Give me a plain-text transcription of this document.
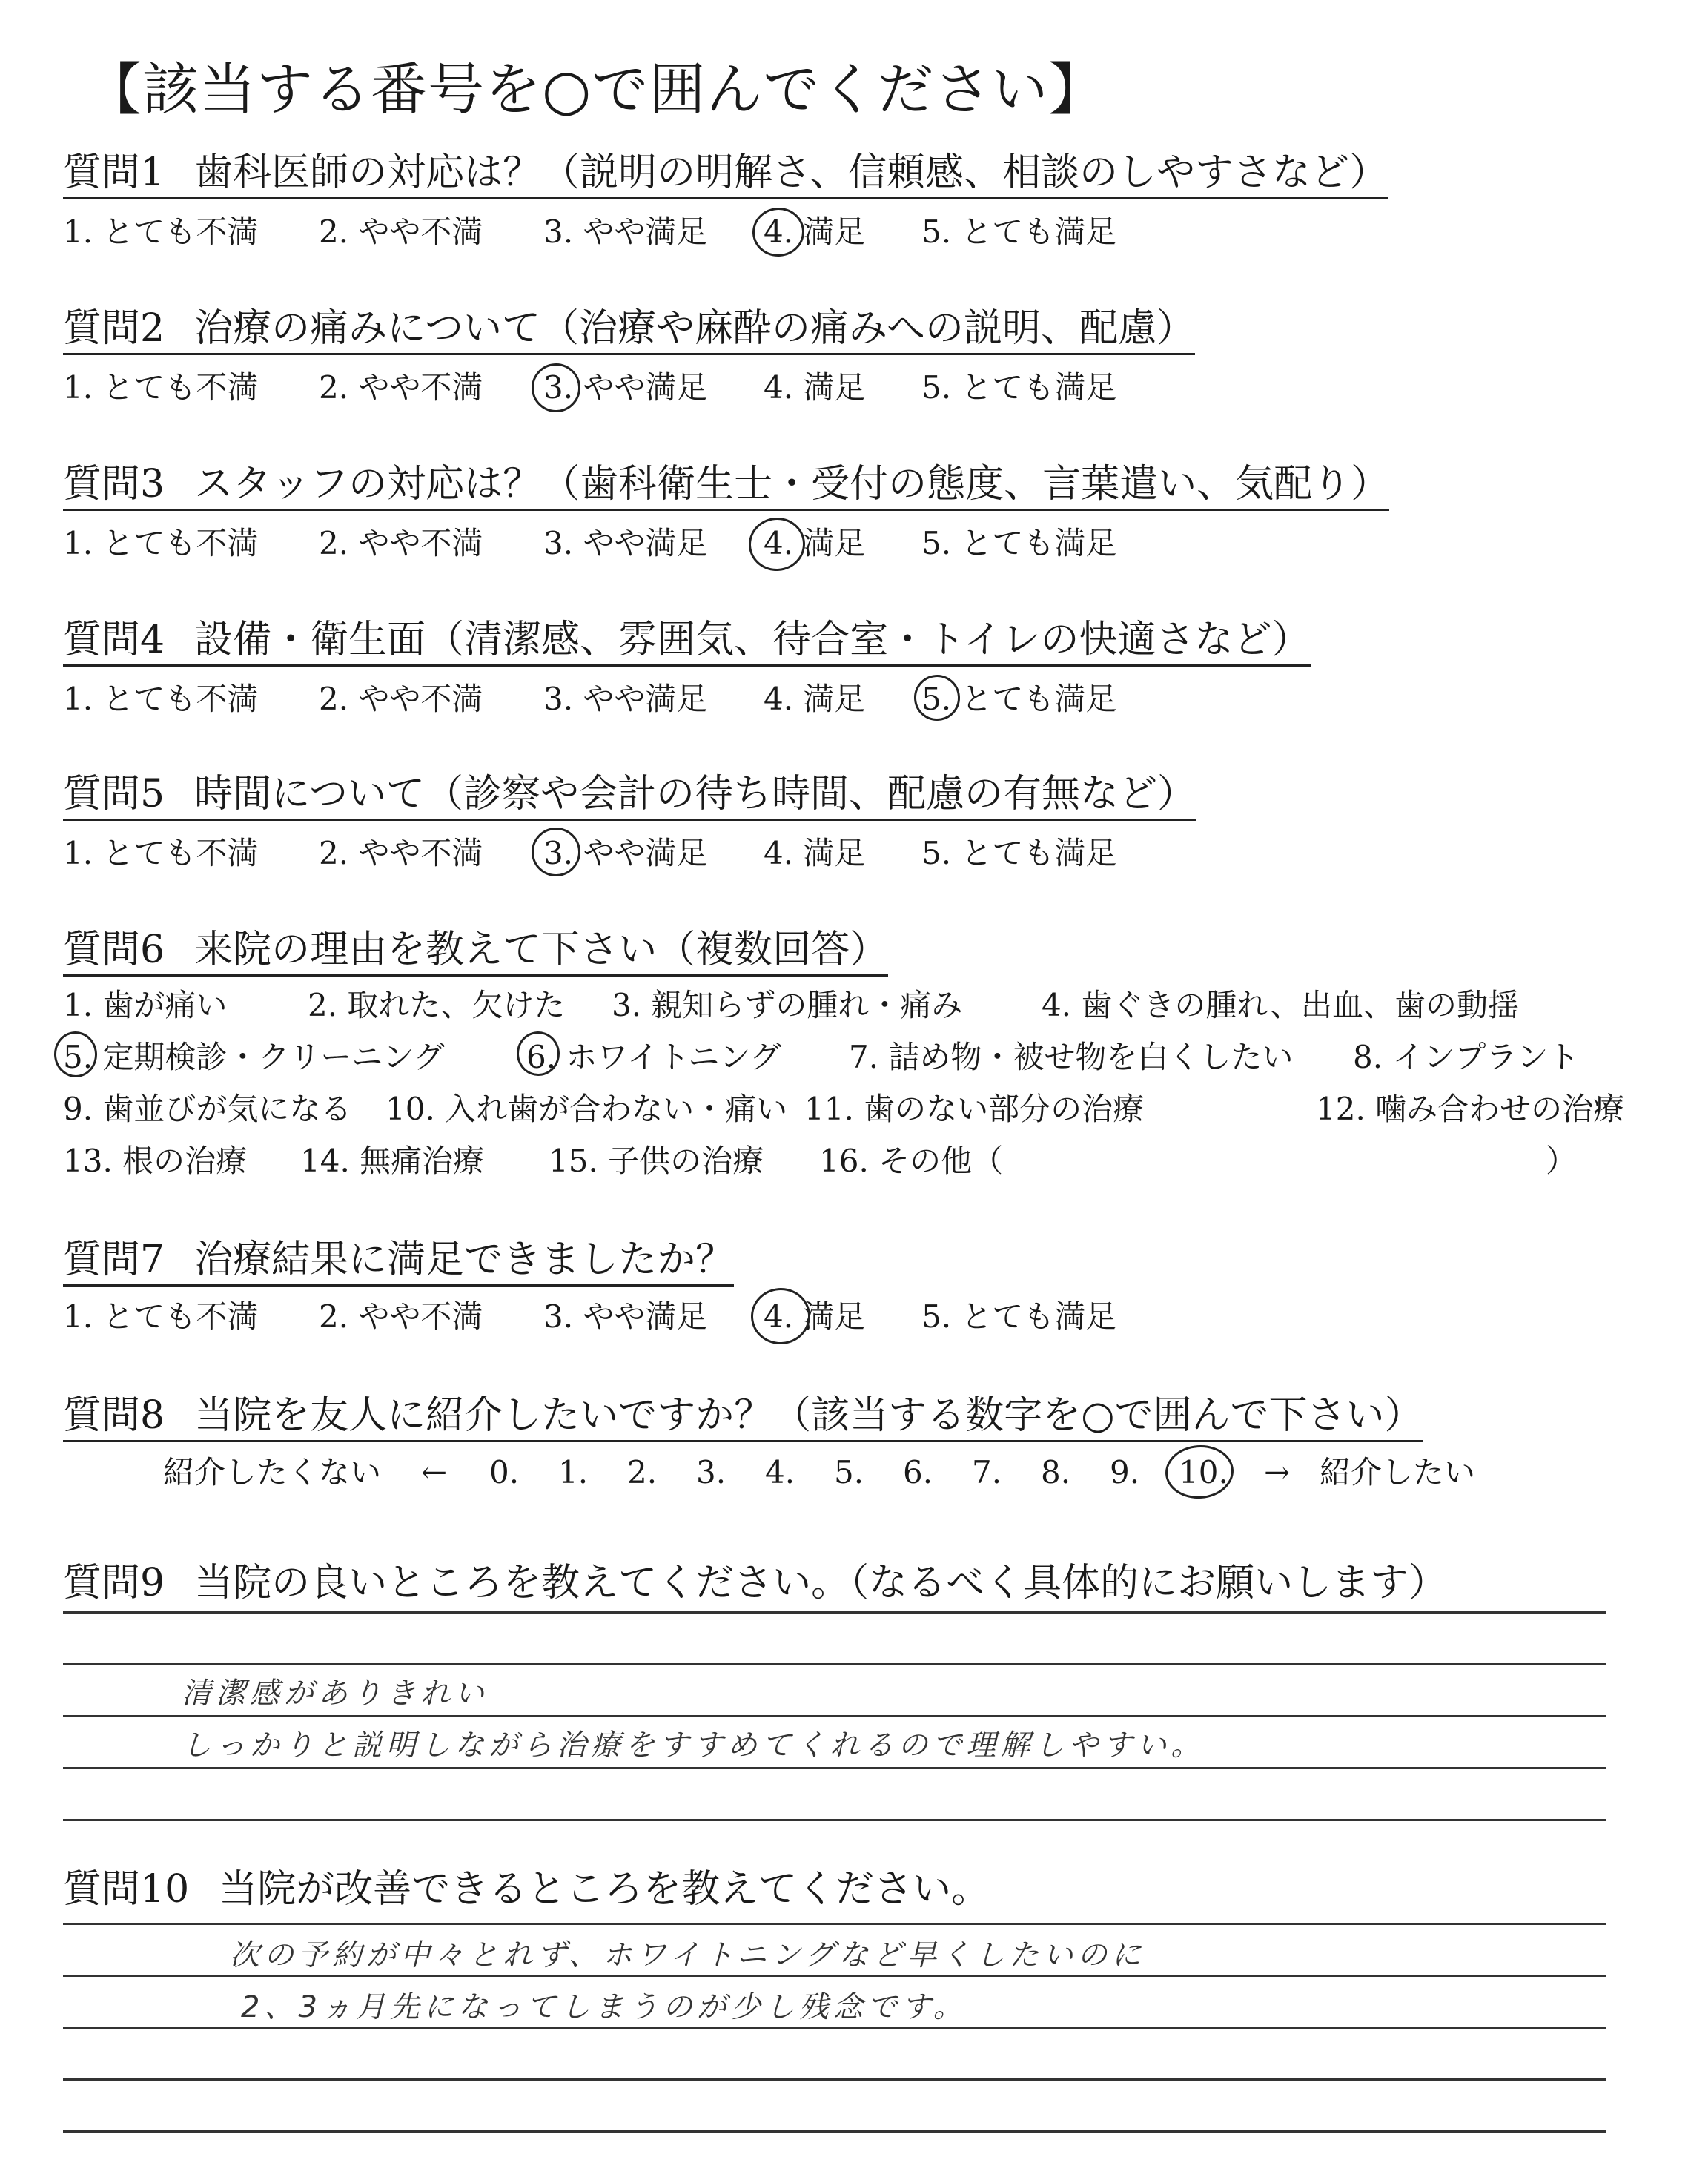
【該当する番号を○で囲んでください】
質問1 歯科医師の対応は？（説明の明解さ、信頼感、相談のしやすさなど）
1. とても不満 2. やや不満 3. やや満足 4. 満足 5. とても満足
質問2 治療の痛みについて（治療や麻酔の痛みへの説明、配慮）
1. とても不満 2. やや不満 3. やや満足 4. 満足 5. とても満足
質問3 スタッフの対応は？（歯科衛生士・受付の態度、言葉遣い、気配り）
1. とても不満 2. やや不満 3. やや満足 4. 満足 5. とても満足
質問4 設備・衛生面（清潔感、雰囲気、待合室・トイレの快適さなど）
1. とても不満 2. やや不満 3. やや満足 4. 満足 5. とても満足
質問5 時間について（診察や会計の待ち時間、配慮の有無など）
1. とても不満 2. やや不満 3. やや満足 4. 満足 5. とても満足
質問6 来院の理由を教えて下さい（複数回答）
1. 歯が痛い	2. 取れた、欠けた 3. 親知らずの腫れ・痛み	4. 歯ぐきの腫れ、出血、歯の動揺
5. 定期検診・クリーニング	6. ホワイトニング 7. 詰め物・被せ物を白くしたい 8. インプラント
9. 歯並びが気になる 10. 入れ歯が合わない・痛い 11. 歯のない部分の治療	12. 噛み合わせの治療
13. 根の治療 14. 無痛治療 15. 子供の治療 16. その他（	）
質問7 治療結果に満足できましたか？
1. とても不満 2. やや不満 3. やや満足 4. 満足 5. とても満足
質問8 当院を友人に紹介したいですか？（該当する数字を○で囲んで下さい）
紹介したくない ← 0. 1. 2. 3. 4. 5. 6. 7. 8. 9. 10. → 紹介したい
質問9 当院の良いところを教えてください。（なるべく具体的にお願いします）
清潔感がありきれい
しっかりと説明しながら治療をすすめてくれるので理解しやすい。
質問10 当院が改善できるところを教えてください。
次の予約が中々とれず、ホワイトニングなど早くしたいのに
2、3ヵ月先になってしまうのが少し残念です。
